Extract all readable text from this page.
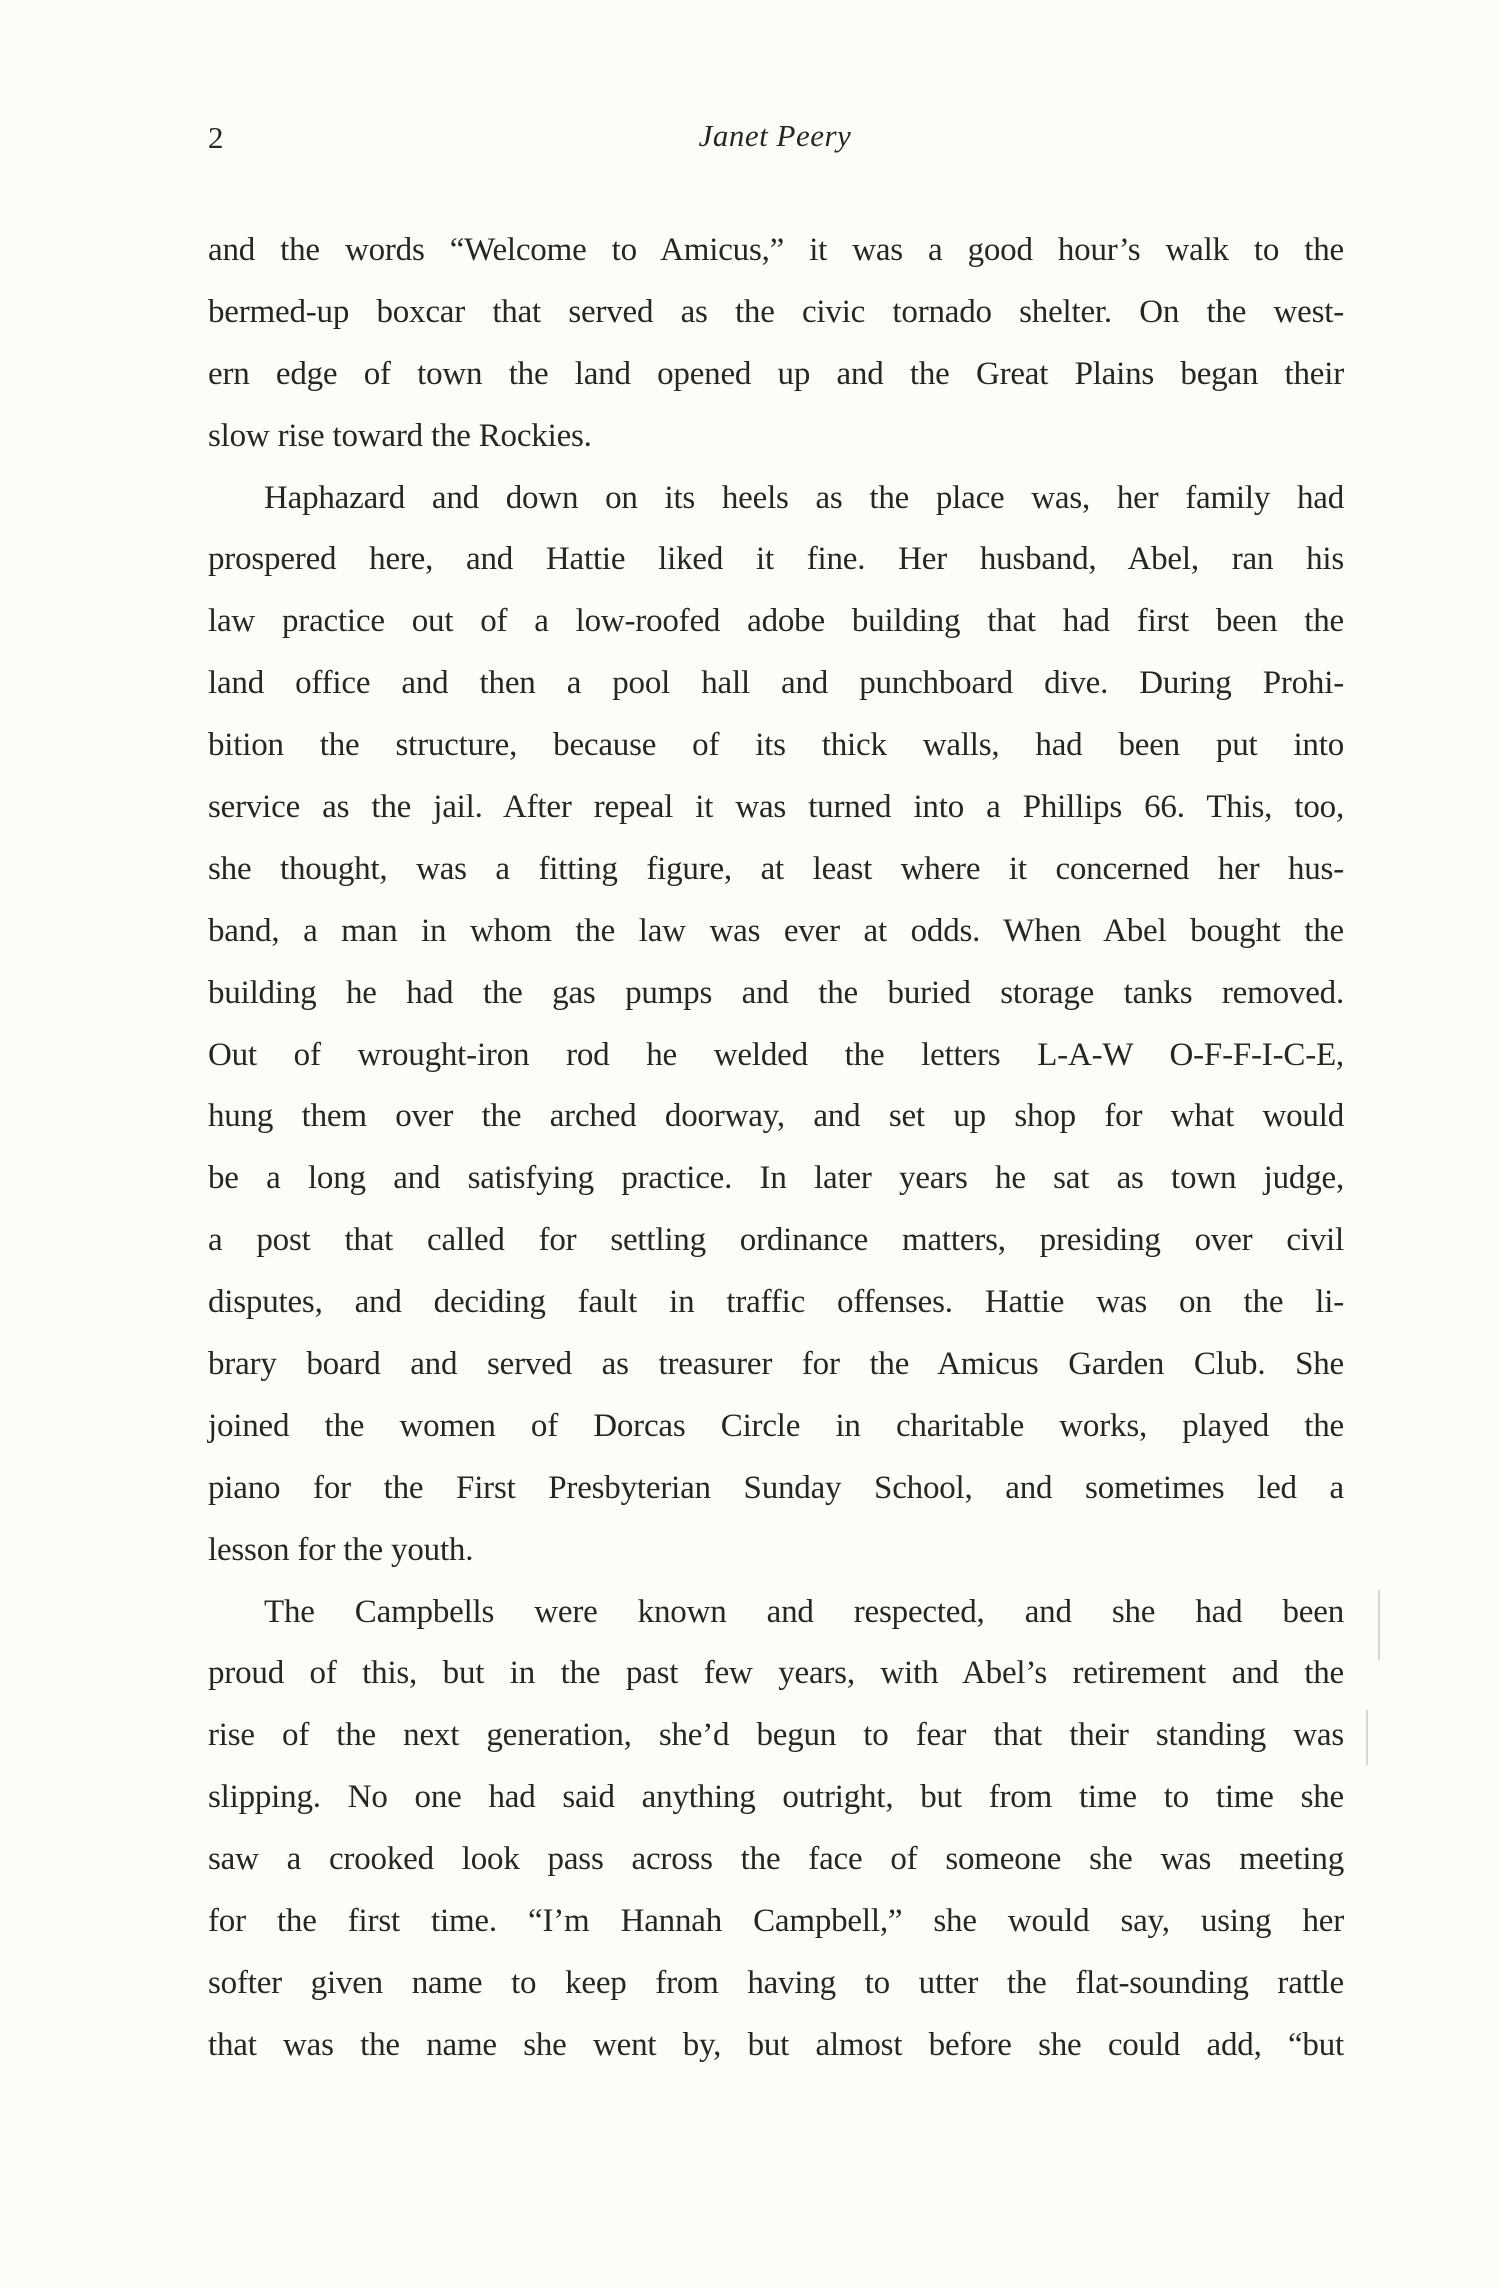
2	Janet Peery
and the words “Welcome to Amicus,” it was a good hour’s walk to the
bermed-up boxcar that served as the civic tornado shelter. On the west-
ern edge of town the land opened up and the Great Plains began their
slow rise toward the Rockies.
Haphazard and down on its heels as the place was, her family had
prospered here, and Hattie liked it fine. Her husband, Abel, ran his
law practice out of a low-roofed adobe building that had first been the
land office and then a pool hall and punchboard dive. During Prohi-
bition the structure, because of its thick walls, had been put into
service as the jail. After repeal it was turned into a Phillips 66. This, too,
she thought, was a fitting figure, at least where it concerned her hus-
band, a man in whom the law was ever at odds. When Abel bought the
building he had the gas pumps and the buried storage tanks removed.
Out of wrought-iron rod he welded the letters L-A-W O-F-F-I-C-E,
hung them over the arched doorway, and set up shop for what would
be a long and satisfying practice. In later years he sat as town judge,
a post that called for settling ordinance matters, presiding over civil
disputes, and deciding fault in traffic offenses. Hattie was on the li-
brary board and served as treasurer for the Amicus Garden Club. She
joined the women of Dorcas Circle in charitable works, played the
piano for the First Presbyterian Sunday School, and sometimes led a
lesson for the youth.
The Campbells were known and respected, and she had been
proud of this, but in the past few years, with Abel’s retirement and the
rise of the next generation, she’d begun to fear that their standing was
slipping. No one had said anything outright, but from time to time she
saw a crooked look pass across the face of someone she was meeting
for the first time. “I’m Hannah Campbell,” she would say, using her
softer given name to keep from having to utter the flat-sounding rattle
that was the name she went by, but almost before she could add, “but
